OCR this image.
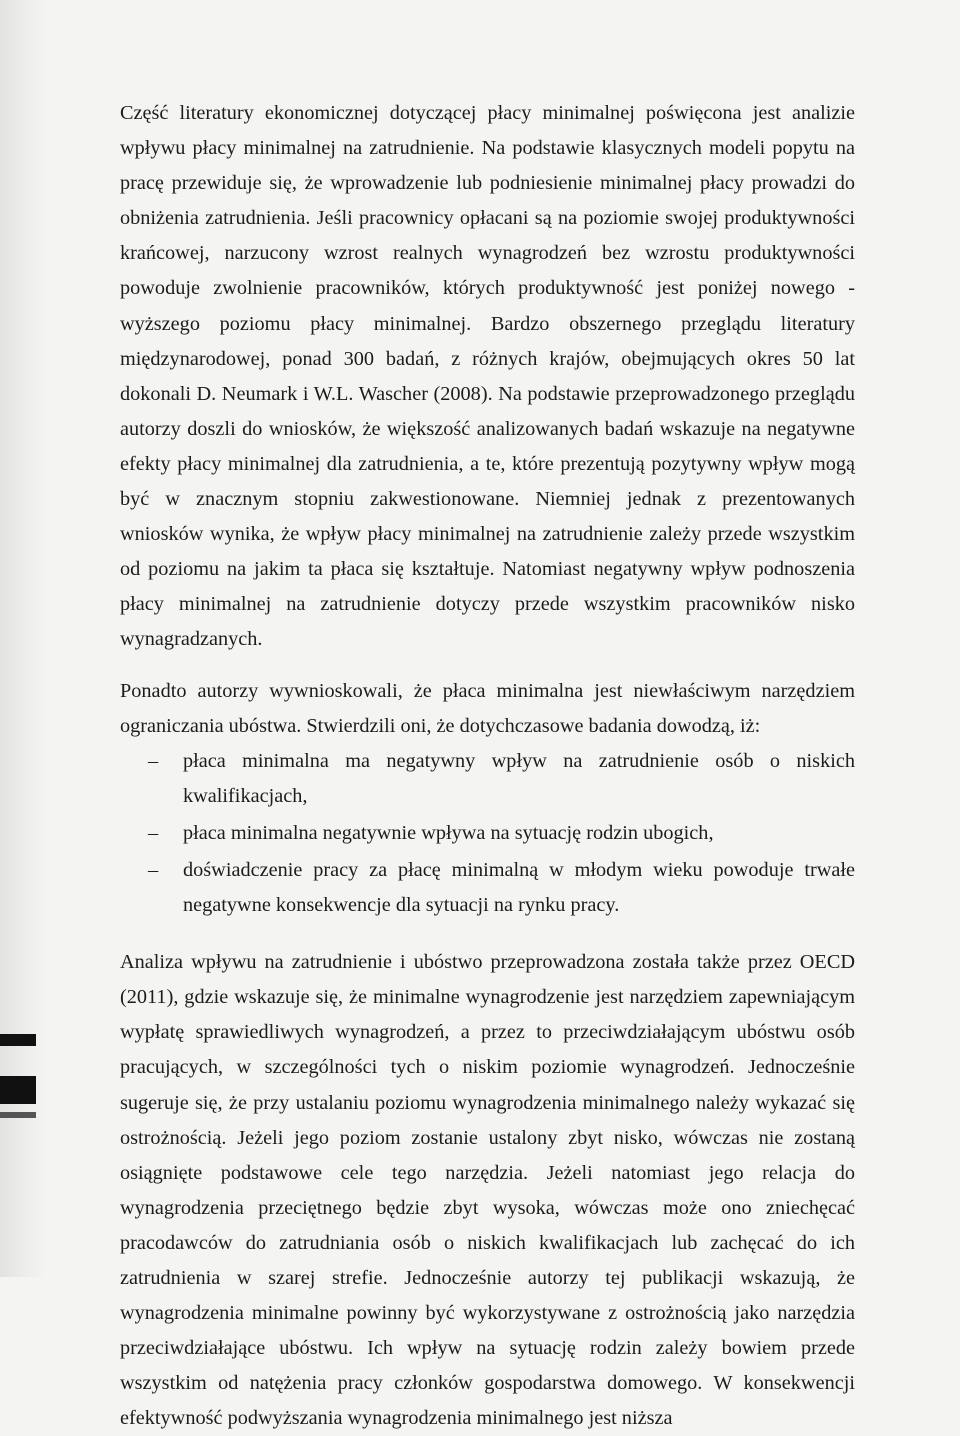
Część literatury ekonomicznej dotyczącej płacy minimalnej poświęcona jest analizie wpływu płacy minimalnej na zatrudnienie. Na podstawie klasycznych modeli popytu na pracę przewiduje się, że wprowadzenie lub podniesienie minimalnej płacy prowadzi do obniżenia zatrudnienia. Jeśli pracownicy opłacani są na poziomie swojej produktywności krańcowej, narzucony wzrost realnych wynagrodzeń bez wzrostu produktywności powoduje zwolnienie pracowników, których produktywność jest poniżej nowego - wyższego poziomu płacy minimalnej. Bardzo obszernego przeglądu literatury międzynarodowej, ponad 300 badań, z różnych krajów, obejmujących okres 50 lat dokonali D. Neumark i W.L. Wascher (2008). Na podstawie przeprowadzonego przeglądu autorzy doszli do wniosków, że większość analizowanych badań wskazuje na negatywne efekty płacy minimalnej dla zatrudnienia, a te, które prezentują pozytywny wpływ mogą być w znacznym stopniu zakwestionowane. Niemniej jednak z prezentowanych wniosków wynika, że wpływ płacy minimalnej na zatrudnienie zależy przede wszystkim od poziomu na jakim ta płaca się kształtuje. Natomiast negatywny wpływ podnoszenia płacy minimalnej na zatrudnienie dotyczy przede wszystkim pracowników nisko wynagradzanych.

Ponadto autorzy wywnioskowali, że płaca minimalna jest niewłaściwym narzędziem ograniczania ubóstwa. Stwierdzili oni, że dotychczasowe badania dowodzą, iż:

– płaca minimalna ma negatywny wpływ na zatrudnienie osób o niskich kwalifikacjach,
– płaca minimalna negatywnie wpływa na sytuację rodzin ubogich,
– doświadczenie pracy za płacę minimalną w młodym wieku powoduje trwałe negatywne konsekwencje dla sytuacji na rynku pracy.

Analiza wpływu na zatrudnienie i ubóstwo przeprowadzona została także przez OECD (2011), gdzie wskazuje się, że minimalne wynagrodzenie jest narzędziem zapewniającym wypłatę sprawiedliwych wynagrodzeń, a przez to przeciwdziałającym ubóstwu osób pracujących, w szczególności tych o niskim poziomie wynagrodzeń. Jednocześnie sugeruje się, że przy ustalaniu poziomu wynagrodzenia minimalnego należy wykazać się ostrożnością. Jeżeli jego poziom zostanie ustalony zbyt nisko, wówczas nie zostaną osiągnięte podstawowe cele tego narzędzia. Jeżeli natomiast jego relacja do wynagrodzenia przeciętnego będzie zbyt wysoka, wówczas może ono zniechęcać pracodawców do zatrudniania osób o niskich kwalifikacjach lub zachęcać do ich zatrudnienia w szarej strefie. Jednocześnie autorzy tej publikacji wskazują, że wynagrodzenia minimalne powinny być wykorzystywane z ostrożnością jako narzędzia przeciwdziałające ubóstwu. Ich wpływ na sytuację rodzin zależy bowiem przede wszystkim od natężenia pracy członków gospodarstwa domowego. W konsekwencji efektywność podwyższania wynagrodzenia minimalnego jest niższa
